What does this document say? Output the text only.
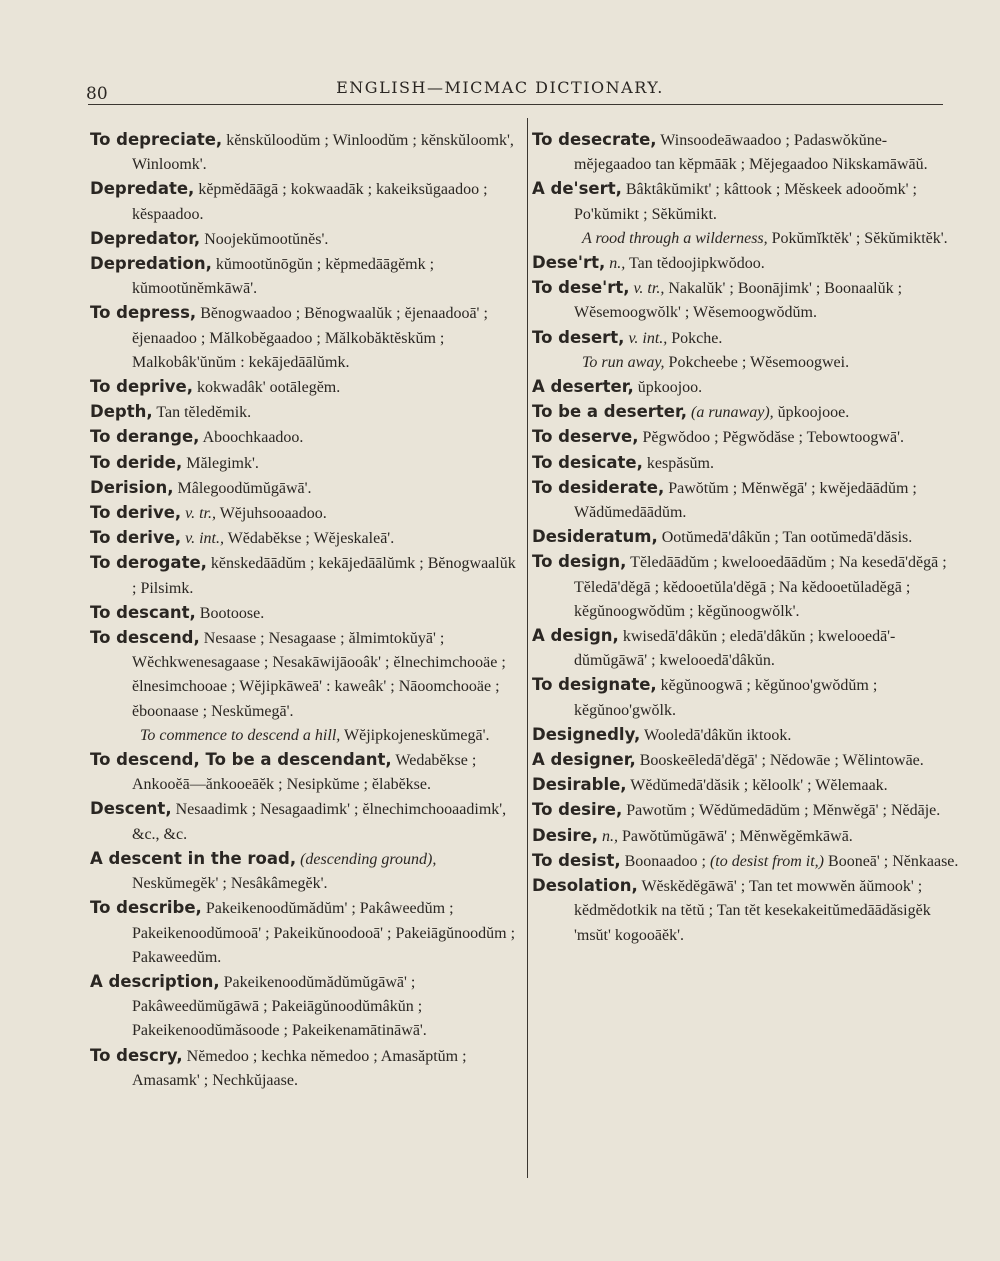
80	ENGLISH—MICMAC DICTIONARY.

To depreciate, kĕnskŭloodŭm ; Winloodŭm ; kĕnskŭloomk', Winloomk'.

Depredate, kĕpmĕdāāgā ; kokwaadāk ; kakeiksŭgaadoo ; kĕspaadoo.

Depredator, Noojekŭmootŭnĕs'.

Depredation, kŭmootŭnōgŭn ; kĕpmedāāgĕmk ; kŭmootŭnĕmkāwā'.

To depress, Bĕnogwaadoo ; Bĕnogwaalŭk ; ĕjenaadooā' ; ĕjenaadoo ; Mălkobĕgaadoo ; Mălkobăktĕskŭm ; Malkobâk'ŭnŭm : kekājedāālŭmk.

To deprive, kokwadâk' ootālegĕm.

Depth, Tan tĕledĕmik.

To derange, Aboochkaadoo.

To deride, Mălegimk'.

Derision, Mâlegoodŭmŭgāwā'.

To derive, v. tr., Wĕjuhsooaadoo.

To derive, v. int., Wĕdabĕkse ; Wĕjeskaleā'.

To derogate, kĕnskedāādŭm ; kekājedāālŭmk ; Bĕnogwaalŭk ; Pilsimk.

To descant, Bootoose.

To descend, Nesaase ; Nesagaase ; ălmimtokŭyā' ; Wĕchkwenesagaase ; Nesakāwijāooâk' ; ĕlnechimchooäe ; ĕlnesimchooae ; Wĕjipkāweā' : kaweâk' ; Nāoomchooäe ; ĕboonaase ; Neskŭmegā'.

To commence to descend a hill, Wĕjipkojeneskŭmegā'.

To descend, To be a descendant, Wedabĕkse ; Ankooĕā—ănkooeāĕk ; Nesipkŭme ; ĕlabĕkse.

Descent, Nesaadimk ; Nesagaadimk' ; ĕlnechimchooaadimk', &c., &c.

A descent in the road, (descending ground), Neskŭmegĕk' ; Nesâkâmegĕk'.

To describe, Pakeikenoodŭmădŭm' ; Pakâweedŭm ; Pakeikenoodŭmooā' ; Pakeikŭnoodooā' ; Pakeiāgŭnoodŭm ; Pakaweedŭm.

A description, Pakeikenoodŭmădŭmŭgāwā' ; Pakâweedŭmŭgāwā ; Pakeiāgŭnoodŭmâkŭn ; Pakeikenoodŭmăsoode ; Pakeikenamātināwā'.

To descry, Nĕmedoo ; kechka nĕmedoo ; Amasăptŭm ; Amasamk' ; Nechkŭjaase.

To desecrate, Winsoodeāwaadoo ; Padaswŏkŭne-mĕjegaadoo tan kĕpmāāk ; Mĕjegaadoo Nikskamāwāŭ.

A de'sert, Bâktâkŭmikt' ; kâttook ; Mĕskeek adooŏmk' ; Po'kŭmikt ; Sĕkŭmikt.

A rood through a wilderness, Pokŭmĭktĕk' ; Sĕkŭmiktĕk'.

Dese'rt, n., Tan tĕdoojipkwŏdoo.

To dese'rt, v. tr., Nakalŭk' ; Boonājimk' ; Boonaalŭk ; Wĕsemoogwŏlk' ; Wĕsemoogwŏdŭm.

To desert, v. int., Pokche.

To run away, Pokcheebe ; Wĕsemoogwei.

A deserter, ŭpkoojoo.

To be a deserter, (a runaway), ŭpkoojooe.

To deserve, Pĕgwŏdoo ; Pĕgwŏdăse ; Tebowtoogwā'.

To desicate, kespăsŭm.

To desiderate, Pawŏtŭm ; Mĕnwĕgā' ; kwĕjedāādŭm ; Wădŭmedāādŭm.

Desideratum, Ootŭmedā'dâkŭn ; Tan ootŭmedā'dăsis.

To design, Tĕledāādŭm ; kwelooedāādŭm ; Na kesedā'dĕgā ; Tĕledā'dĕgā ; kĕdooetŭla'dĕgā ; Na kĕdooetŭladĕgā ; kĕgŭnoogwŏdŭm ; kĕgŭnoogwŏlk'.

A design, kwisedā'dâkŭn ; eledā'dâkŭn ; kwelooedā'-dŭmŭgāwā' ; kwelooedā'dâkŭn.

To designate, kĕgŭnoogwā ; kĕgŭnoo'gwŏdŭm ; kĕgŭnoo'gwŏlk.

Designedly, Wooledā'dâkŭn iktook.

A designer, Booskeēledā'dĕgā' ; Nĕdowāe ; Wĕlintowāe.

Desirable, Wĕdŭmedā'dăsik ; kĕloolk' ; Wĕlemaak.

To desire, Pawotŭm ; Wĕdŭmedādŭm ; Mĕnwĕgā' ; Nĕdāje.

Desire, n., Pawŏtŭmŭgāwā' ; Mĕnwĕgĕmkāwā.

To desist, Boonaadoo ; (to desist from it,) Booneā' ; Nĕnkaase.

Desolation, Wĕskĕdĕgāwā' ; Tan tet mowwĕn ăŭmook' ; kĕdmĕdotkik na tĕtŭ ; Tan tĕt kesekakeitŭmedāādăsigĕk 'msŭt' kogooāĕk'.
